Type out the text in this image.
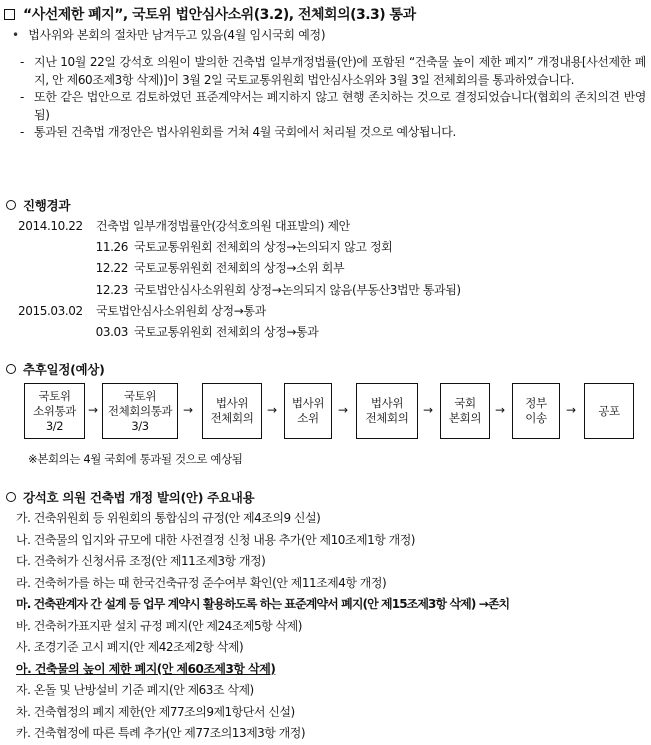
“사선제한 폐지”, 국토위 법안심사소위(3.2), 전체회의(3.3) 통과
• 법사위와 본회의 절차만 남겨두고 있음(4월 임시국회 예정)
- 지난 10월 22일 강석호 의원이 발의한 건축법 일부개정법률(안)에 포함된 “건축물 높이 제한 폐지” 개정내용[사선제한 폐지, 안 제60조제3항 삭제)]이 3월 2일 국토교통위원회 법안심사소위와 3월 3일 전체회의를 통과하였습니다.
- 또한 같은 법안으로 검토하였던 표준계약서는 폐지하지 않고 현행 존치하는 것으로 결정되었습니다(협회의 존치의견 반영됨)
- 통과된 건축법 개정안은 법사위원회를 거쳐 4월 국회에서 처리될 것으로 예상됩니다.
진행경과
2014.10.22	건축법 일부개정법률안(강석호의원 대표발의) 제안
11.26 국토교통위원회 전체회의 상정→논의되지 않고 정회
12.22 국토교통위원회 전체회의 상정→소위 회부
12.23 국토법안심사소위원회 상정→논의되지 않음(부동산3법만 통과됨)
2015.03.02	국토법안심사소위원회 상정→통과
03.03 국토교통위원회 전체회의 상정→통과
추후일정(예상)
국토위
소위통과
3/2
→
국토위
전체회의통과
3/3
→	법사위
전체회의
→ 법사위
소위
→	법사위
전체회의
→	국회
본회의
→ 정부
이송
→ 공포
※본회의는 4월 국회에 통과될 것으로 예상됨
강석호 의원 건축법 개정 발의(안) 주요내용
가. 건축위원회 등 위원회의 통합심의 규정(안 제4조의9 신설)
나. 건축물의 입지와 규모에 대한 사전결정 신청 내용 추가(안 제10조제1항 개정)
다. 건축허가 신청서류 조정(안 제11조제3항 개정)
라. 건축허가를 하는 때 한국건축규정 준수여부 확인(안 제11조제4항 개정)
마. 건축관계자 간 설계 등 업무 계약시 활용하도록 하는 표준계약서 폐지(안 제15조제3항 삭제) →존치
바. 건축허가표지판 설치 규정 폐지(안 제24조제5항 삭제)
사. 조경기준 고시 폐지(안 제42조제2항 삭제)
아. 건축물의 높이 제한 폐지(안 제60조제3항 삭제)
자. 온돌 및 난방설비 기준 폐지(안 제63조 삭제)
차. 건축협정의 폐지 제한(안 제77조의9제1항단서 신설)
카. 건축협정에 따른 특례 추가(안 제77조의13제3항 개정)
